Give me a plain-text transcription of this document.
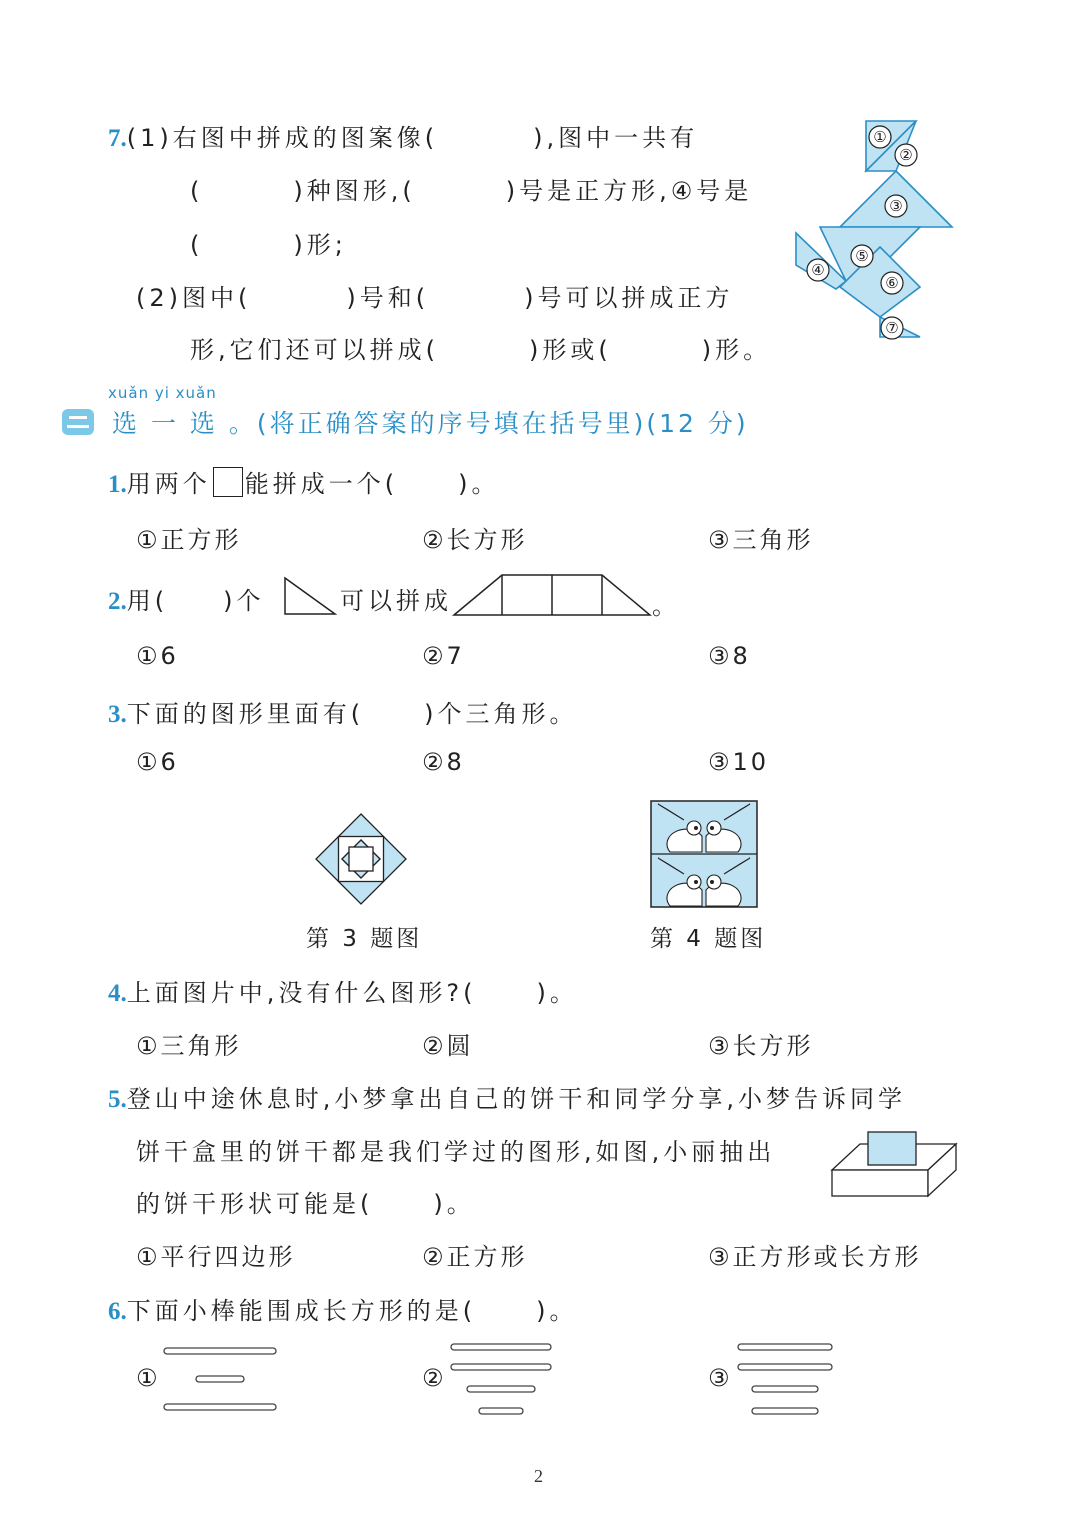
7.(1)右图中拼成的图案像(	),图中一共有
(	)种图形,(	)号是正方形,④号是
(	)形;
(2)图中(	)号和(	)号可以拼成正方
形,它们还可以拼成(	)形或(	)形。
①
②
③
④
⑤
⑥
⑦
xuǎn yi xuǎn
选 一 选 。(将正确答案的序号填在括号里)(12 分)
1.用两个 能拼成一个(	)。
①正方形	②长方形	③三角形
2.用( )个	可以拼成	。
①6	②7	③8
3.下面的图形里面有(	)个三角形。
①6	②8	③10
第 3 题图	第 4 题图
4.上面图片中,没有什么图形?(	)。
①三角形	②圆	③长方形
5.登山中途休息时,小梦拿出自己的饼干和同学分享,小梦告诉同学
饼干盒里的饼干都是我们学过的图形,如图,小丽抽出
的饼干形状可能是(	)。
①平行四边形	②正方形	③正方形或长方形
6.下面小棒能围成长方形的是(	)。
①	②	③
2
